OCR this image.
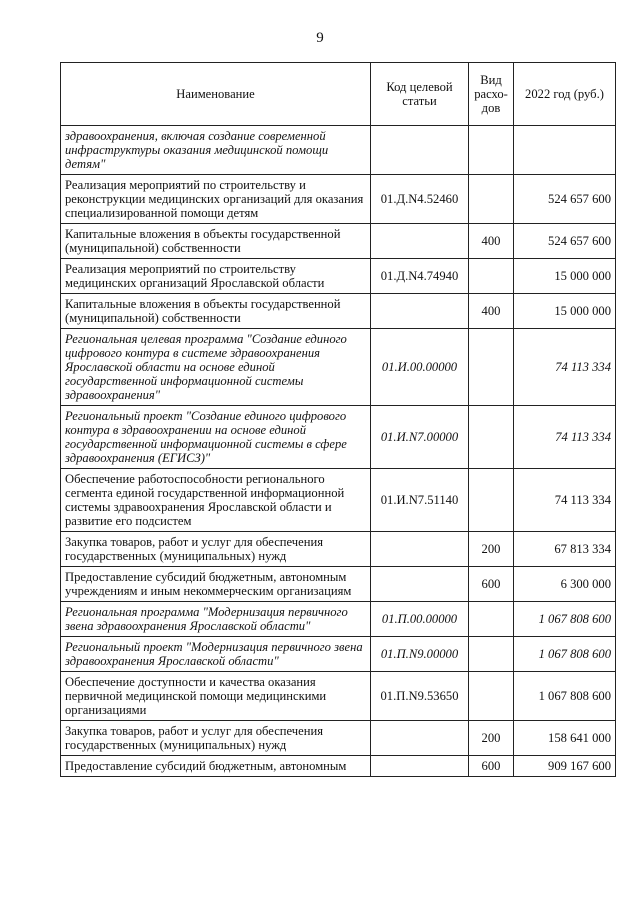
9
Наименование	Код целевой статьи	Вид расхо-дов	2022 год (руб.)
здравоохранения, включая создание современной инфраструктуры оказания медицинской помощи детям"			
Реализация мероприятий по строительству и реконструкции медицинских организаций для оказания специализированной помощи детям	01.Д.N4.52460		524 657 600
Капитальные вложения в объекты государственной (муниципальной) собственности		400	524 657 600
Реализация мероприятий по строительству медицинских организаций Ярославской области	01.Д.N4.74940		15 000 000
Капитальные вложения в объекты государственной (муниципальной) собственности		400	15 000 000
Региональная целевая программа "Создание единого цифрового контура в системе здравоохранения Ярославской области на основе единой государственной информационной системы здравоохранения"	01.И.00.00000		74 113 334
Региональный проект "Создание единого цифрового контура в здравоохранении на основе единой государственной информационной системы в сфере здравоохранения (ЕГИСЗ)"	01.И.N7.00000		74 113 334
Обеспечение работоспособности регионального сегмента единой государственной информационной системы здравоохранения Ярославской области и развитие его подсистем	01.И.N7.51140		74 113 334
Закупка товаров, работ и услуг для обеспечения государственных (муниципальных) нужд		200	67 813 334
Предоставление субсидий бюджетным, автономным учреждениям и иным некоммерческим организациям		600	6 300 000
Региональная программа "Модернизация первичного звена здравоохранения Ярославской области"	01.П.00.00000		1 067 808 600
Региональный проект "Модернизация первичного звена здравоохранения Ярославской области"	01.П.N9.00000		1 067 808 600
Обеспечение доступности и качества оказания первичной медицинской помощи медицинскими организациями	01.П.N9.53650		1 067 808 600
Закупка товаров, работ и услуг для обеспечения государственных (муниципальных) нужд		200	158 641 000
Предоставление субсидий бюджетным, автономным		600	909 167 600
